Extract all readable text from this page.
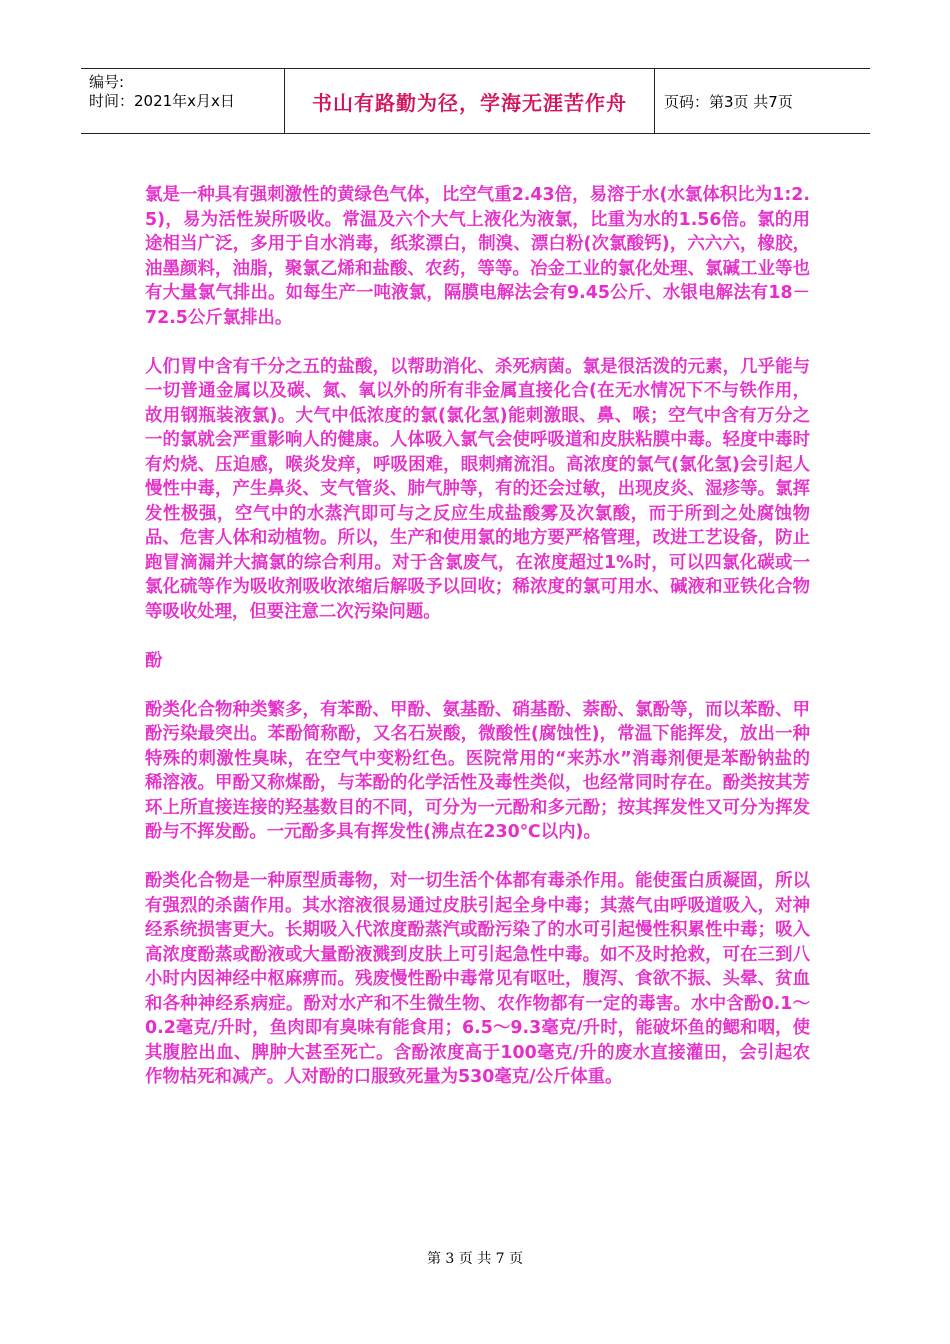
编号:
时间：2021年x月x日	书山有路勤为径，学海无涯苦作舟 页码：第3页 共7页

氯是一种具有强刺激性的黄绿色气体，比空气重2.43倍，易溶于水(水氯体积比为1:2.5)，易为活性炭所吸收。常温及六个大气上液化为液氯，比重为水的1.56倍。氯的用途相当广泛，多用于自水消毒，纸浆漂白，制溴、漂白粉(次氯酸钙)，六六六，橡胶，油墨颜料，油脂，聚氯乙烯和盐酸、农药，等等。冶金工业的氯化处理、氯碱工业等也有大量氯气排出。如每生产一吨液氯，隔膜电解法会有9.45公斤、水银电解法有18－72.5公斤氯排出。

人们胃中含有千分之五的盐酸，以帮助消化、杀死病菌。氯是很活泼的元素，几乎能与一切普通金属以及碳、氮、氧以外的所有非金属直接化合(在无水情况下不与铁作用，故用钢瓶装液氯)。大气中低浓度的氯(氯化氢)能刺激眼、鼻、喉；空气中含有万分之一的氯就会严重影响人的健康。人体吸入氯气会使呼吸道和皮肤粘膜中毒。轻度中毒时有灼烧、压迫感，喉炎发痒，呼吸困难，眼刺痛流泪。高浓度的氯气(氯化氢)会引起人慢性中毒，产生鼻炎、支气管炎、肺气肿等，有的还会过敏，出现皮炎、湿疹等。氯挥发性极强，空气中的水蒸汽即可与之反应生成盐酸雾及次氯酸，而于所到之处腐蚀物品、危害人体和动植物。所以，生产和使用氯的地方要严格管理，改进工艺设备，防止跑冒滴漏并大搞氯的综合利用。对于含氯废气，在浓度超过1%时，可以四氯化碳或一氯化硫等作为吸收剂吸收浓缩后解吸予以回收；稀浓度的氯可用水、碱液和亚铁化合物等吸收处理，但要注意二次污染问题。

酚

酚类化合物种类繁多，有苯酚、甲酚、氨基酚、硝基酚、萘酚、氯酚等，而以苯酚、甲酚污染最突出。苯酚简称酚，又名石炭酸，微酸性(腐蚀性)，常温下能挥发，放出一种特殊的刺激性臭味，在空气中变粉红色。医院常用的“来苏水”消毒剂便是苯酚钠盐的稀溶液。甲酚又称煤酚，与苯酚的化学活性及毒性类似，也经常同时存在。酚类按其芳环上所直接连接的羟基数目的不同，可分为一元酚和多元酚；按其挥发性又可分为挥发酚与不挥发酚。一元酚多具有挥发性(沸点在230℃以内)。

酚类化合物是一种原型质毒物，对一切生活个体都有毒杀作用。能使蛋白质凝固，所以有强烈的杀菌作用。其水溶液很易通过皮肤引起全身中毒；其蒸气由呼吸道吸入，对神经系统损害更大。长期吸入代浓度酚蒸汽或酚污染了的水可引起慢性积累性中毒；吸入高浓度酚蒸或酚液或大量酚液溅到皮肤上可引起急性中毒。如不及时抢救，可在三到八小时内因神经中枢麻痹而。残废慢性酚中毒常见有呕吐，腹泻、食欲不振、头晕、贫血和各种神经系病症。酚对水产和不生微生物、农作物都有一定的毒害。水中含酚0.1～0.2毫克/升时，鱼肉即有臭味有能食用；6.5～9.3毫克/升时，能破坏鱼的鳃和咽，使其腹腔出血、脾肿大甚至死亡。含酚浓度高于100毫克/升的废水直接灌田，会引起农作物枯死和减产。人对酚的口服致死量为530毫克/公斤体重。

第 3 页 共 7 页
